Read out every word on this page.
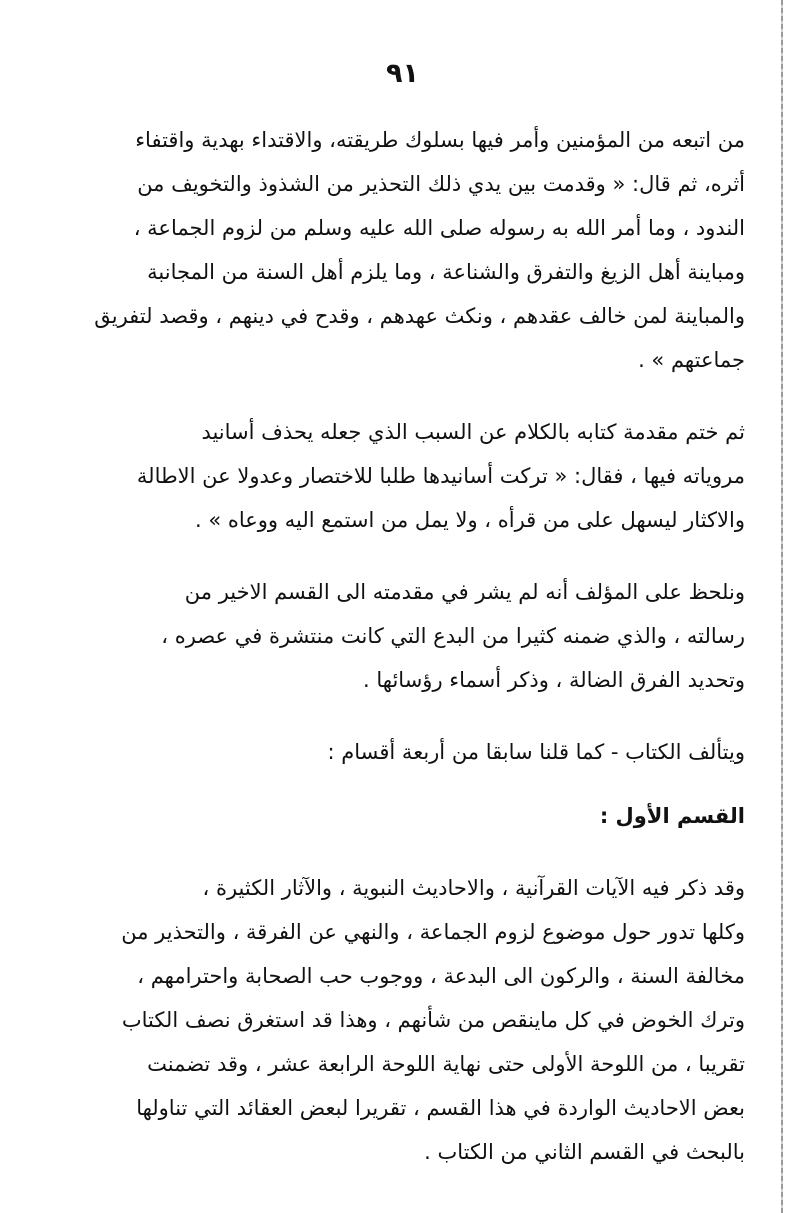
٩١

من اتبعه من المؤمنين وأمر فيها بسلوك طريقته، والاقتداء بهدية واقتفاء
أثره، ثم قال: « وقدمت بين يدي ذلك التحذير من الشذوذ والتخويف من
الندود ، وما أمر الله به رسوله صلى الله عليه وسلم من لزوم الجماعة ،
ومباينة أهل الزيغ والتفرق والشناعة ، وما يلزم أهل السنة من المجانبة
والمباينة لمن خالف عقدهم ، ونكث عهدهم ، وقدح في دينهم ، وقصد لتفريق
جماعتهم » .

ثم ختم مقدمة كتابه بالكلام عن السبب الذي جعله يحذف أسانيد
مروياته فيها ، فقال: « تركت أسانيدها طلبا للاختصار وعدولا عن الاطالة
والاكثار ليسهل على من قرأه ، ولا يمل من استمع اليه ووعاه » .

ونلحظ على المؤلف أنه لم يشر في مقدمته الى القسم الاخير من
رسالته ، والذي ضمنه كثيرا من البدع التي كانت منتشرة في عصره ،
وتحديد الفرق الضالة ، وذكر أسماء رؤسائها .

ويتألف الكتاب - كما قلنا سابقا من أربعة أقسام :

القسم الأول :

وقد ذكر فيه الآيات القرآنية ، والاحاديث النبوية ، والآثار الكثيرة ،
وكلها تدور حول موضوع لزوم الجماعة ، والنهي عن الفرقة ، والتحذير من
مخالفة السنة ، والركون الى البدعة ، ووجوب حب الصحابة واحترامهم ،
وترك الخوض في كل ماينقص من شأنهم ، وهذا قد استغرق نصف الكتاب
تقريبا ، من اللوحة الأولى حتى نهاية اللوحة الرابعة عشر ، وقد تضمنت
بعض الاحاديث الواردة في هذا القسم ، تقريرا لبعض العقائد التي تناولها
بالبحث في القسم الثاني من الكتاب .
